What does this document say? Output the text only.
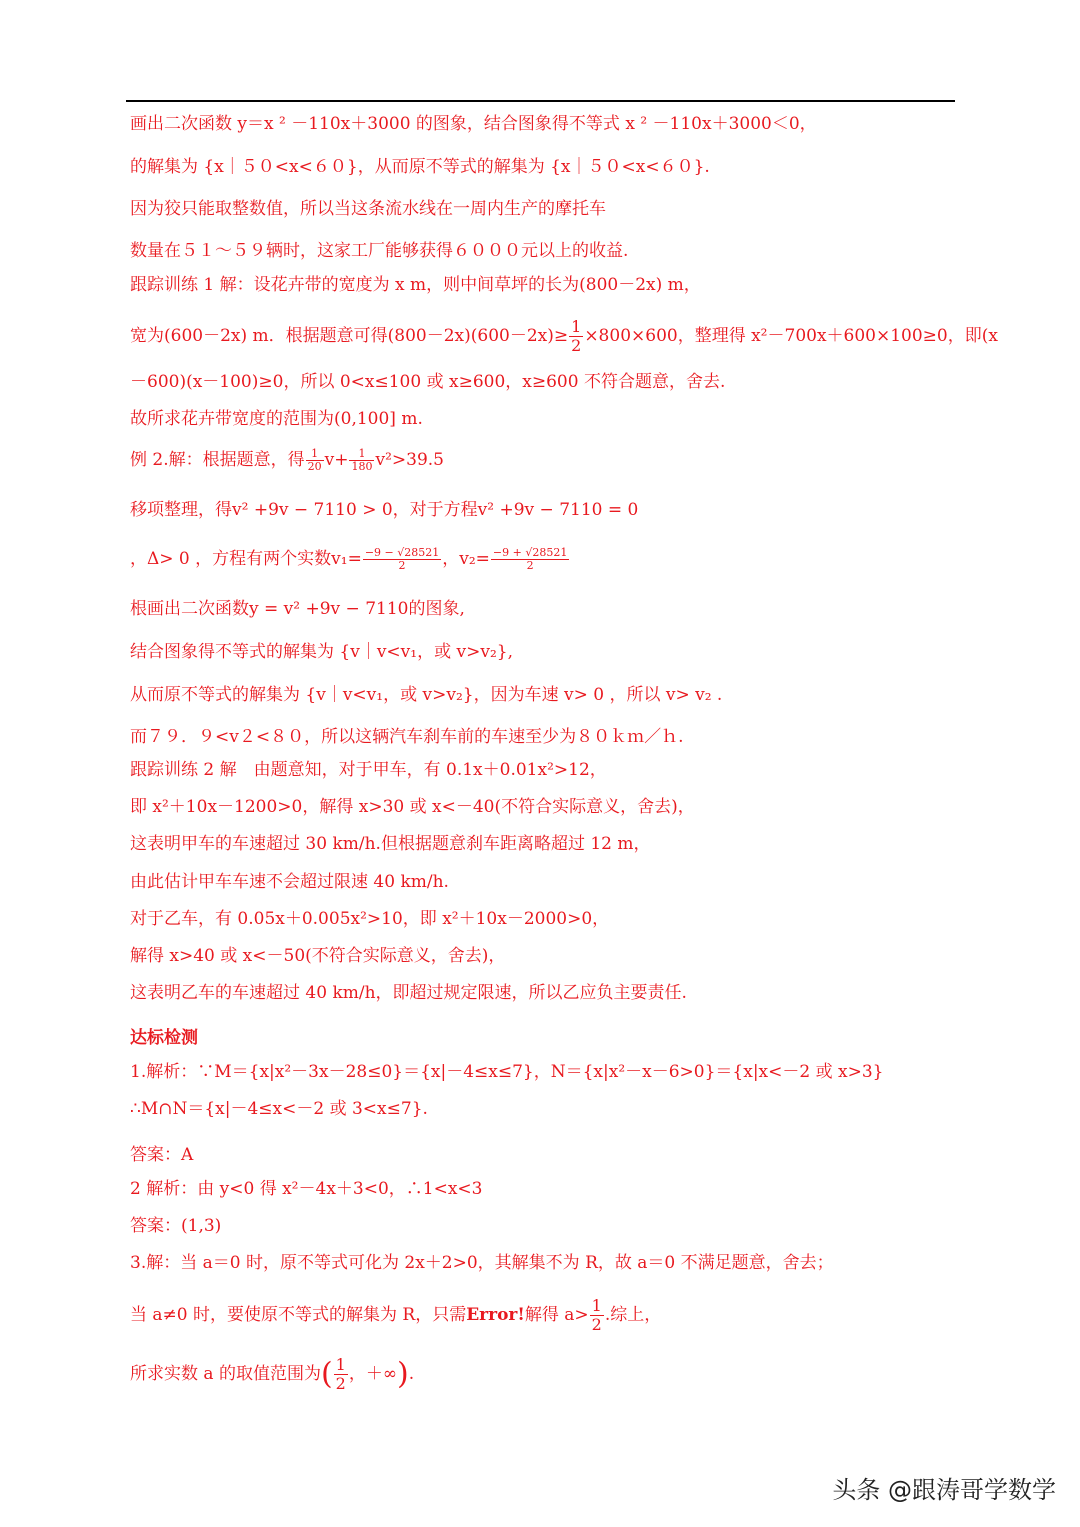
画出二次函数 y＝x ² －110x＋3000 的图象，结合图象得不等式 x ² －110x＋3000＜0，
的解集为 {x｜５０<x<６０}，从而原不等式的解集为 {x｜５０<x<６０}.
因为狡只能取整数值，所以当这条流水线在一周内生产的摩托车
数量在５１～５９辆时，这家工厂能够获得６０００元以上的收益.
跟踪训练 1 解：设花卉带的宽度为 x m，则中间草坪的长为(800－2x) m，
宽为(600－2x) m．根据题意可得$(800-2x)(600-2x)\ge \frac{1}{2} \times 800\times 600$，整理得 x²－700x＋600×100≥0，即(x
－600)(x－100)≥0，所以 0<x≤100 或 x≥600，x≥600 不符合题意，舍去.
故所求花卉带宽度的范围为(0,100] m.
例 2.解：根据题意，得 $\frac{1}{20} v+ \frac{1}{180} v^2>39.5$
移项整理，得v² +9v − 7110 > 0，对于方程v² +9v − 7110 = 0
，Δ> 0 ，方程有两个实数$v_1= \frac{-9 - √28521}{2}$ ，$v_2= \frac{-9 + √28521}{2}$
根画出二次函数y = v² +9v − 7110的图象,
结合图象得不等式的解集为 {v｜v<v₁，或 v>v₂},
从而原不等式的解集为 {v｜v<v₁，或 v>v₂}，因为车速 v> 0 ，所以 v> v₂ .
而７９．９<v２<８０，所以这辆汽车刹车前的车速至少为８０ｋｍ／ｈ.
跟踪训练 2 解　由题意知，对于甲车，有 0.1x＋0.01x²>12，
即 x²＋10x－1200>0，解得 x>30 或 x<－40(不符合实际意义，舍去)，
这表明甲车的车速超过 30 km/h.但根据题意刹车距离略超过 12 m，
由此估计甲车车速不会超过限速 40 km/h.
对于乙车，有 0.05x＋0.005x²>10，即 x²＋10x－2000>0，
解得 x>40 或 x<－50(不符合实际意义，舍去)，
这表明乙车的车速超过 40 km/h，即超过规定限速，所以乙应负主要责任.
达标检测
1.解析：∵M＝{x|x²－3x－28≤0}＝{x|－4≤x≤7}，N＝{x|x²－x－6>0}＝{x|x<－2 或 x>3}
∴M∩N＝{x|－4≤x<－2 或 3<x≤7}.
答案：A
2 解析：由 y<0 得 x²－4x＋3<0，∴1<x<3
答案：(1,3)
3.解：当 a＝0 时，原不等式可化为 2x＋2>0，其解集不为 R，故 a＝0 不满足题意，舍去；
当 a≠0 时，要使原不等式的解集为 R，只需Error!解得 $a> \frac{1}{2}$ .综上，
所求实数 a 的取值范围为( $\frac{1}{2}$ ，＋∞).
头条 @跟涛哥学数学
